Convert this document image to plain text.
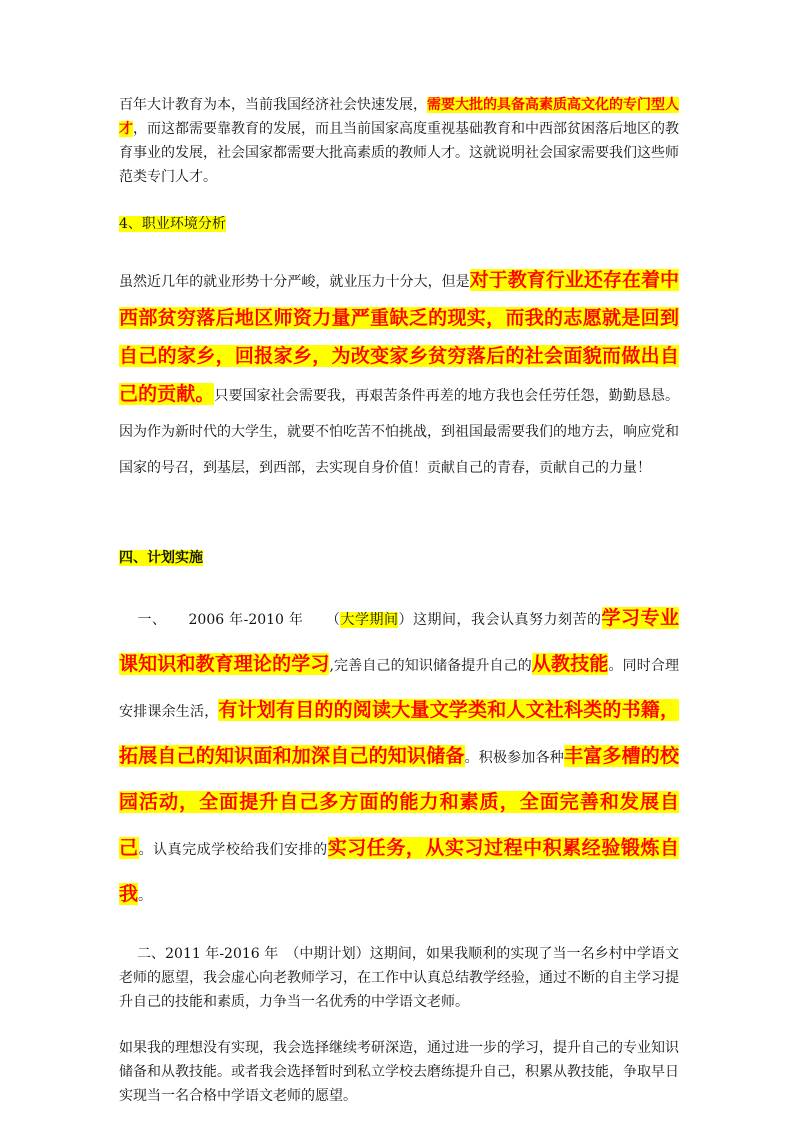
百年大计教育为本，当前我国经济社会快速发展，需要大批的具备高素质高文化的专门型人才，而这都需要靠教育的发展，而且当前国家高度重视基础教育和中西部贫困落后地区的教育事业的发展，社会国家都需要大批高素质的教师人才。这就说明社会国家需要我们这些师范类专门人才。

4、职业环境分析

虽然近几年的就业形势十分严峻，就业压力十分大，但是对于教育行业还存在着中西部贫穷落后地区师资力量严重缺乏的现实，而我的志愿就是回到自己的家乡，回报家乡，为改变家乡贫穷落后的社会面貌而做出自己的贡献。只要国家社会需要我，再艰苦条件再差的地方我也会任劳任怨，勤勤恳恳。因为作为新时代的大学生，就要不怕吃苦不怕挑战，到祖国最需要我们的地方去，响应党和国家的号召，到基层，到西部，去实现自身价值！贡献自己的青春，贡献自己的力量！

四、计划实施

一、 2006 年-2010 年 （大学期间）这期间，我会认真努力刻苦的学习专业课知识和教育理论的学习,完善自己的知识储备提升自己的从教技能。同时合理安排课余生活，有计划有目的的阅读大量文学类和人文社科类的书籍，拓展自己的知识面和加深自己的知识储备。积极参加各种丰富多槽的校园活动，全面提升自己多方面的能力和素质，全面完善和发展自己。认真完成学校给我们安排的实习任务，从实习过程中积累经验锻炼自我。

二、2011 年-2016 年　（中期计划）这期间，如果我顺利的实现了当一名乡村中学语文老师的愿望，我会虚心向老教师学习，在工作中认真总结教学经验，通过不断的自主学习提升自己的技能和素质，力争当一名优秀的中学语文老师。

如果我的理想没有实现，我会选择继续考研深造，通过进一步的学习，提升自己的专业知识储备和从教技能。或者我会选择暂时到私立学校去磨练提升自己，积累从教技能，争取早日实现当一名合格中学语文老师的愿望。
